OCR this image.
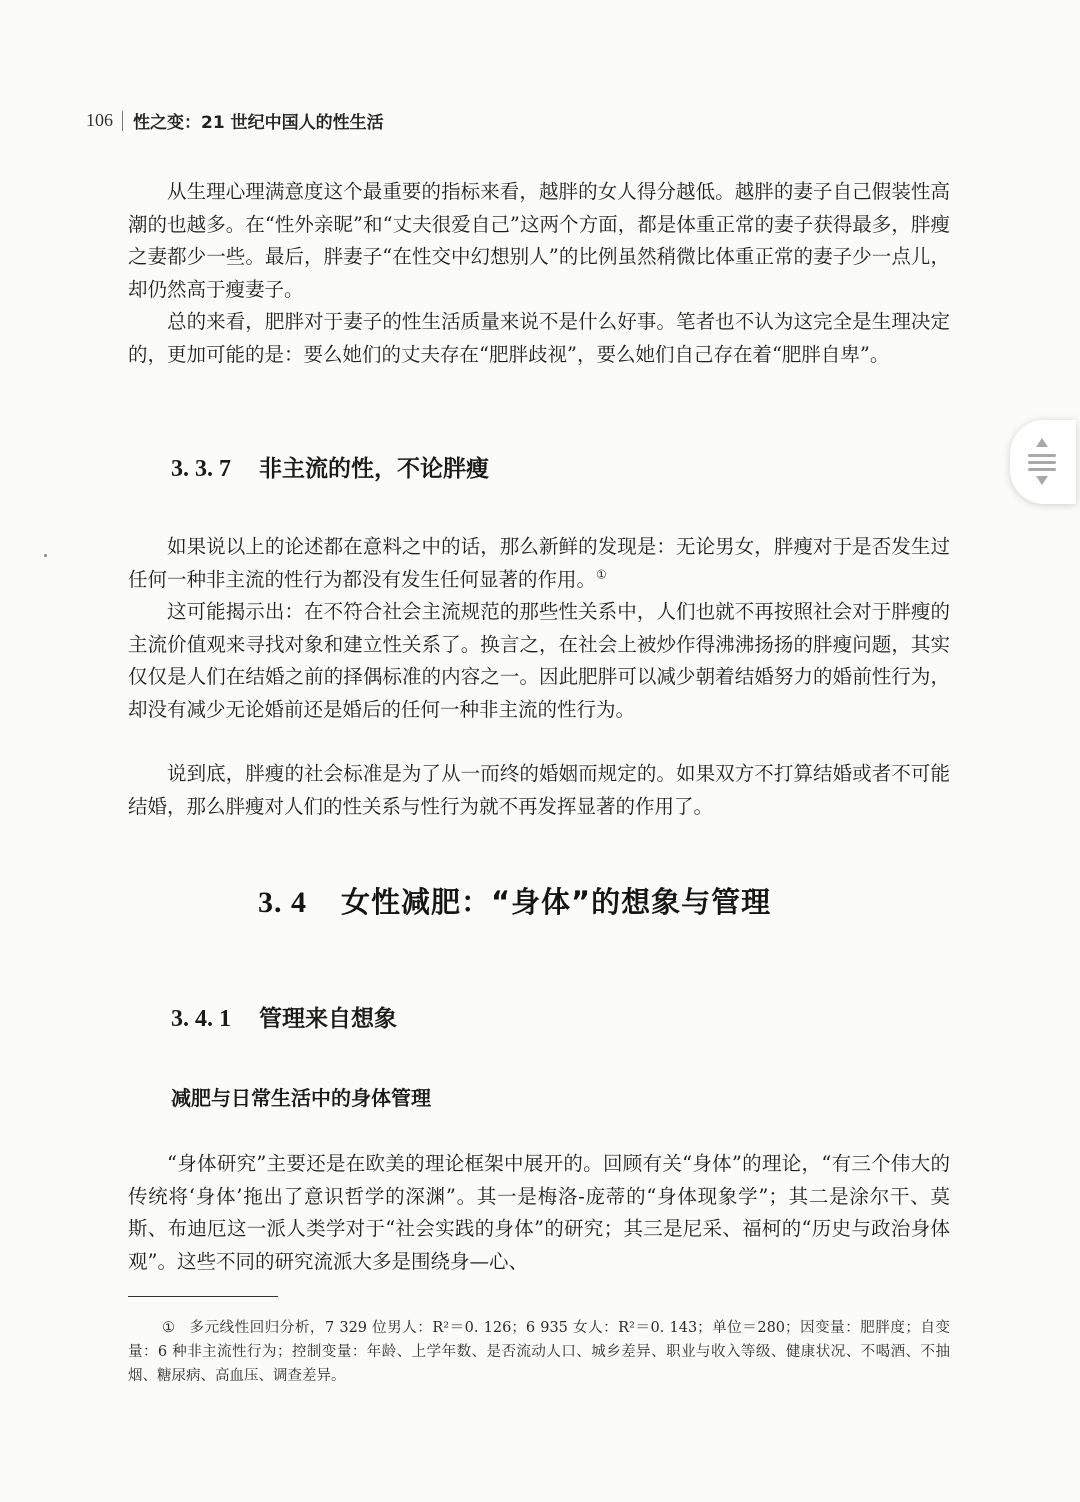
106 性之变：21 世纪中国人的性生活

从生理心理满意度这个最重要的指标来看，越胖的女人得分越低。越胖的妻子自己假装性高潮的也越多。在“性外亲昵”和“丈夫很爱自己”这两个方面，都是体重正常的妻子获得最多，胖瘦之妻都少一些。最后，胖妻子“在性交中幻想别人”的比例虽然稍微比体重正常的妻子少一点儿，却仍然高于瘦妻子。

总的来看，肥胖对于妻子的性生活质量来说不是什么好事。笔者也不认为这完全是生理决定的，更加可能的是：要么她们的丈夫存在“肥胖歧视”，要么她们自己存在着“肥胖自卑”。

3. 3. 7 非主流的性，不论胖瘦

如果说以上的论述都在意料之中的话，那么新鲜的发现是：无论男女，胖瘦对于是否发生过任何一种非主流的性行为都没有发生任何显著的作用。①

这可能揭示出：在不符合社会主流规范的那些性关系中，人们也就不再按照社会对于胖瘦的主流价值观来寻找对象和建立性关系了。换言之，在社会上被炒作得沸沸扬扬的胖瘦问题，其实仅仅是人们在结婚之前的择偶标准的内容之一。因此肥胖可以减少朝着结婚努力的婚前性行为，却没有减少无论婚前还是婚后的任何一种非主流的性行为。

说到底，胖瘦的社会标准是为了从一而终的婚姻而规定的。如果双方不打算结婚或者不可能结婚，那么胖瘦对人们的性关系与性行为就不再发挥显著的作用了。

3. 4 女性减肥：“身体”的想象与管理
3. 4. 1 管理来自想象
减肥与日常生活中的身体管理

“身体研究”主要还是在欧美的理论框架中展开的。回顾有关“身体”的理论，“有三个伟大的传统将‘身体’拖出了意识哲学的深渊”。其一是梅洛-庞蒂的“身体现象学”；其二是涂尔干、莫斯、布迪厄这一派人类学对于“社会实践的身体”的研究；其三是尼采、福柯的“历史与政治身体观”。这些不同的研究流派大多是围绕身—心、

① 多元线性回归分析，7 329 位男人：R²＝0. 126；6 935 女人：R²＝0. 143；单位＝280；因变量：肥胖度；自变量：6 种非主流性行为；控制变量：年龄、上学年数、是否流动人口、城乡差异、职业与收入等级、健康状况、不喝酒、不抽烟、糖尿病、高血压、调查差异。
